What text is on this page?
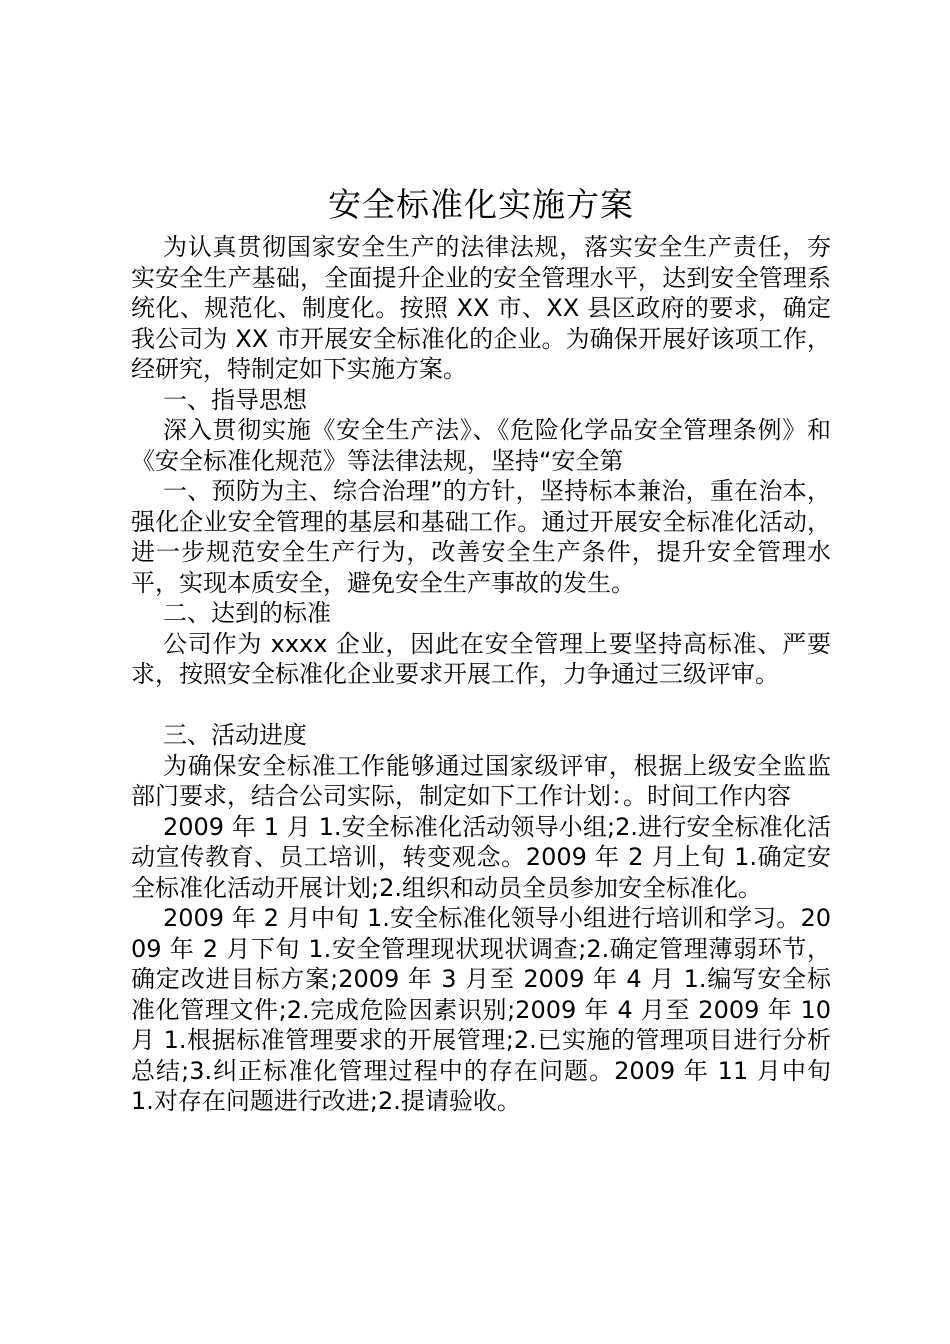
安全标准化实施方案

为认真贯彻国家安全生产的法律法规，落实安全生产责任，夯实安全生产基础，全面提升企业的安全管理水平，达到安全管理系统化、规范化、制度化。按照 XX 市、XX 县区政府的要求，确定我公司为 XX 市开展安全标准化的企业。为确保开展好该项工作，经研究，特制定如下实施方案。

一、指导思想

深入贯彻实施《安全生产法》、《危险化学品安全管理条例》和《安全标准化规范》等法律法规，坚持“安全第

一、预防为主、综合治理”的方针，坚持标本兼治，重在治本，强化企业安全管理的基层和基础工作。通过开展安全标准化活动，进一步规范安全生产行为，改善安全生产条件，提升安全管理水平，实现本质安全，避免安全生产事故的发生。

二、达到的标准

公司作为 xxxx 企业，因此在安全管理上要坚持高标准、严要求，按照安全标准化企业要求开展工作，力争通过三级评审。

三、活动进度

为确保安全标准工作能够通过国家级评审，根据上级安全监监部门要求，结合公司实际，制定如下工作计划：。时间工作内容

2009 年 1 月 1.安全标准化活动领导小组;2.进行安全标准化活动宣传教育、员工培训，转变观念。2009 年 2 月上旬 1.确定安全标准化活动开展计划;2.组织和动员全员参加安全标准化。

2009 年 2 月中旬 1.安全标准化领导小组进行培训和学习。2009 年 2 月下旬 1.安全管理现状现状调查;2.确定管理薄弱环节，确定改进目标方案;2009 年 3 月至 2009 年 4 月 1.编写安全标准化管理文件;2.完成危险因素识别;2009 年 4 月至 2009 年 10 月 1.根据标准管理要求的开展管理;2.已实施的管理项目进行分析总结;3.纠正标准化管理过程中的存在问题。2009 年 11 月中旬 1.对存在问题进行改进;2.提请验收。
